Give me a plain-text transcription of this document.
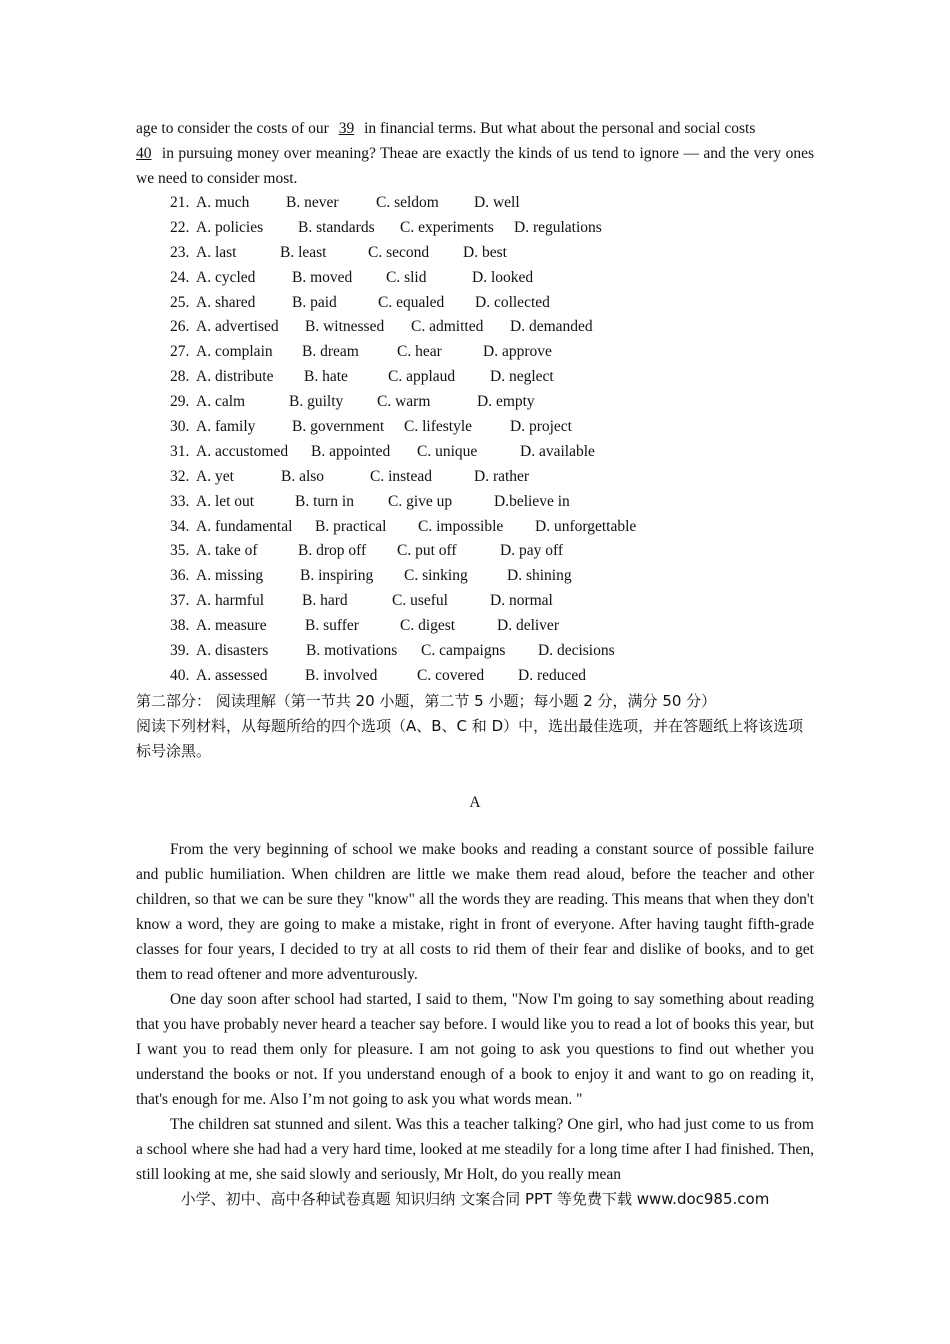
age to consider the costs of our 39 in financial terms. But what about the personal and social costs
40 in pursuing money over meaning? Theae are exactly the kinds of us tend to ignore — and the very ones we need to consider most.

21. A. much B. never C. seldom D. well
22. A. policies B. standards C. experiments D. regulations
23. A. last	B. least	C. second D. best
24. A. cycled B. moved C. slid	D. looked
25. A. shared B. paid	C. equaled D. collected
26. A. advertised B. witnessed C. admitted D. demanded
27. A. complain B. dream C. hear	D. approve
28. A. distribute B. hate	C. applaud D. neglect
29. A. calm	B. guilty C. warm	D. empty
30. A. family B. government C. lifestyle D. project
31. A. accustomed B. appointed C. unique	D. available
32. A. yet	B. also	C. instead	D. rather
33. A. let out	B. turn in C. give up	D.believe in
34. A. fundamental B. practical C. impossible D. unforgettable
35. A. take of	B. drop off C. put off	D. pay off
36. A. missing B. inspiring C. sinking	D. shining
37. A. harmful B. hard	C. useful	D. normal
38. A. measure B. suffer	C. digest	D. deliver
39. A. disasters B. motivations C. campaigns D. decisions
40. A. assessed B. involved	C. covered D. reduced

第二部分： 阅读理解（第一节共 20 小题，第二节 5 小题；每小题 2 分，满分 50 分）

阅读下列材料，从每题所给的四个选项（A、B、C 和 D）中，选出最佳选项，并在答题纸上将该选项标号涂黑。

A

From the very beginning of school we make books and reading a constant source of possible failure and public humiliation. When children are little we make them read aloud, before the teacher and other children, so that we can be sure they "know" all the words they are reading. This means that when they don't know a word, they are going to make a mistake, right in front of everyone. After having taught fifth-grade classes for four years, I decided to try at all costs to rid them of their fear and dislike of books, and to get them to read oftener and more adventurously.

One day soon after school had started, I said to them, "Now I'm going to say something about reading that you have probably never heard a teacher say before. I would like you to read a lot of books this year, but I want you to read them only for pleasure. I am not going to ask you questions to find out whether you understand the books or not. If you understand enough of a book to enjoy it and want to go on reading it, that's enough for me. Also I’m not going to ask you what words mean. "

The children sat stunned and silent. Was this a teacher talking? One girl, who had just come to us from a school where she had had a very hard time, looked at me steadily for a long time after I had finished. Then, still looking at me, she said slowly and seriously, Mr Holt, do you really mean

小学、初中、高中各种试卷真题 知识归纳 文案合同 PPT 等免费下载 www.doc985.com
